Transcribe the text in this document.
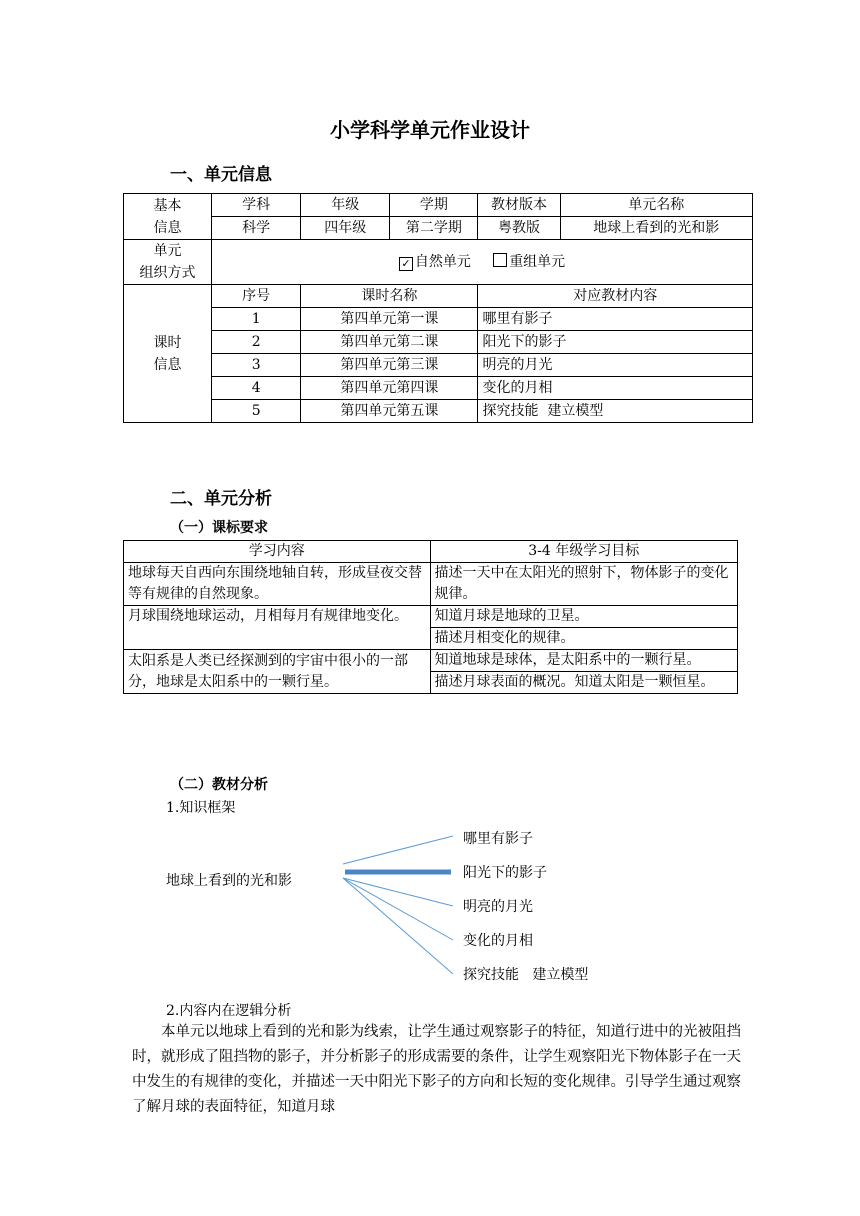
小学科学单元作业设计
一、单元信息
基本
信息	学科	年级	学期	教材版本	单元名称
	科学	四年级	第二学期	粤教版	地球上看到的光和影
单元
组织方式	✓ 自然单元 重组单元				
课时
信息	序号	课时名称		对应教材内容	
	1	第四单元第一课		哪里有影子	
	2	第四单元第二课		阳光下的影子	
	3	第四单元第三课		明亮的月光	
	4	第四单元第四课		变化的月相	
	5	第四单元第五课		探究技能  建立模型	
二、单元分析
（一）课标要求
学习内容	3-4 年级学习目标
地球每天自西向东围绕地轴自转，形成昼夜交替等有规律的自然现象。	描述一天中在太阳光的照射下，物体影子的变化规律。
月球围绕地球运动，月相每月有规律地变化。	知道月球是地球的卫星。
	描述月相变化的规律。
太阳系是人类已经探测到的宇宙中很小的一部分，地球是太阳系中的一颗行星。	知道地球是球体，是太阳系中的一颗行星。
	描述月球表面的概况。知道太阳是一颗恒星。
（二）教材分析
1.知识框架
地球上看到的光和影
哪里有影子
阳光下的影子
明亮的月光
变化的月相
探究技能   建立模型
2.内容内在逻辑分析
本单元以地球上看到的光和影为线索，让学生通过观察影子的特征，知道行进中的光被阻挡时，就形成了阻挡物的影子，并分析影子的形成需要的条件，让学生观察阳光下物体影子在一天中发生的有规律的变化，并描述一天中阳光下影子的方向和长短的变化规律。引导学生通过观察了解月球的表面特征，知道月球
